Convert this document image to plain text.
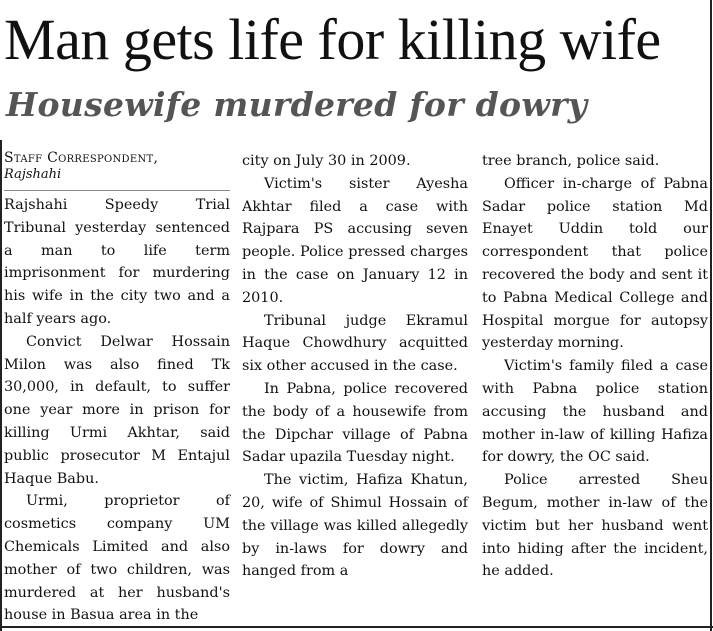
Man gets life for killing wife
Housewife murdered for dowry
Staff Correspondent,
Rajshahi

Rajshahi Speedy Trial Tribunal yesterday sentenced a man to life term imprisonment for murdering his wife in the city two and a half years ago.

Convict Delwar Hossain Milon was also fined Tk 30,000, in default, to suffer one year more in prison for killing Urmi Akhtar, said public prosecutor M Entajul Haque Babu.

Urmi, proprietor of cosmetics company UM Chemicals Limited and also mother of two children, was murdered at her husband's house in Basua area in the

city on July 30 in 2009.

Victim's sister Ayesha Akhtar filed a case with Rajpara PS accusing seven people. Police pressed charges in the case on January 12 in 2010.

Tribunal judge Ekramul Haque Chowdhury acquitted six other accused in the case.

In Pabna, police recovered the body of a housewife from the Dipchar village of Pabna Sadar upazila Tuesday night.

The victim, Hafiza Khatun, 20, wife of Shimul Hossain of the village was killed allegedly by in-laws for dowry and hanged from a

tree branch, police said.

Officer in-charge of Pabna Sadar police station Md Enayet Uddin told our correspondent that police recovered the body and sent it to Pabna Medical College and Hospital morgue for autopsy yesterday morning.

Victim's family filed a case with Pabna police station accusing the husband and mother in-law of killing Hafiza for dowry, the OC said.

Police arrested Sheu Begum, mother in-law of the victim but her husband went into hiding after the incident, he added.
